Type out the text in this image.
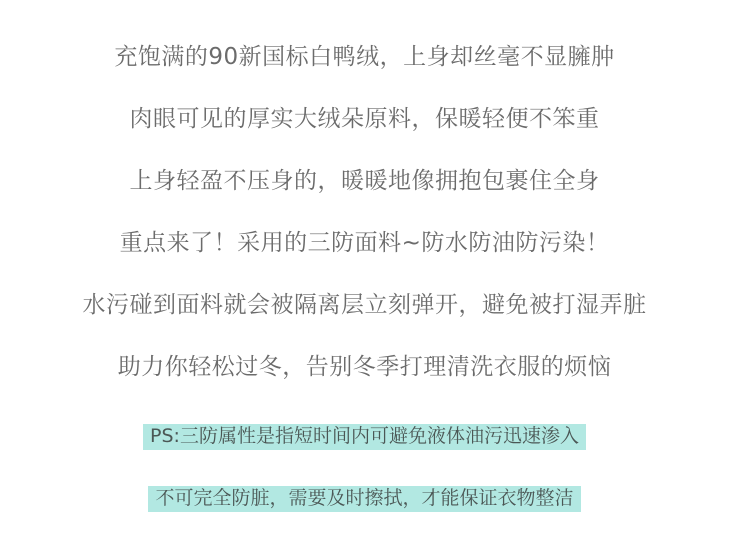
充饱满的90新国标白鸭绒，上身却丝毫不显臃肿

肉眼可见的厚实大绒朵原料，保暖轻便不笨重

上身轻盈不压身的，暖暖地像拥抱包裹住全身

重点来了！采用的三防面料~防水防油防污染！

水污碰到面料就会被隔离层立刻弹开，避免被打湿弄脏

助力你轻松过冬，告别冬季打理清洗衣服的烦恼

PS:三防属性是指短时间内可避免液体油污迅速渗入

不可完全防脏，需要及时擦拭，才能保证衣物整洁
